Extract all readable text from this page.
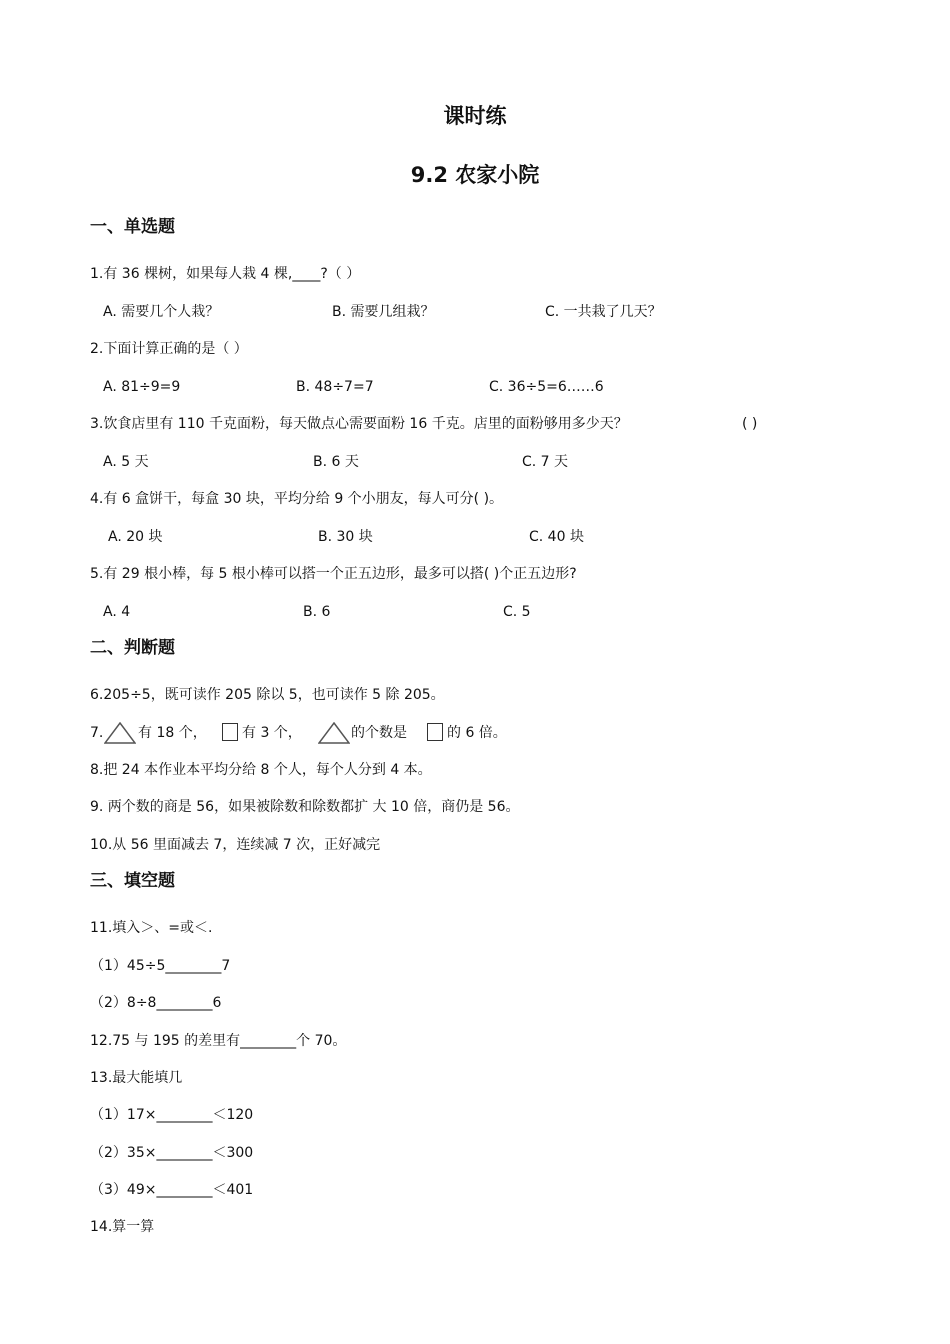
课时练
9.2 农家小院
一、单选题
1.有 36 棵树，如果每人栽 4 棵,____?（ ）
A. 需要几个人栽？	B. 需要几组栽？	C. 一共栽了几天？
2.下面计算正确的是（ ）
A. 81÷9=9	B. 48÷7=7	C. 36÷5=6……6
3.饮食店里有 110 千克面粉，每天做点心需要面粉 16 千克。店里的面粉够用多少天？	( )
A. 5 天	B. 6 天	C. 7 天
4.有 6 盒饼干，每盒 30 块，平均分给 9 个小朋友，每人可分( )。
A. 20 块	B. 30 块	C. 40 块
5.有 29 根小棒，每 5 根小棒可以搭一个正五边形，最多可以搭( )个正五边形?
A. 4	B. 6	C. 5
二、判断题
6.205÷5，既可读作 205 除以 5，也可读作 5 除 205。
7. 有 18 个，	有 3 个，	的个数是	的 6 倍。
8.把 24 本作业本平均分给 8 个人，每个人分到 4 本。
9. 两个数的商是 56，如果被除数和除数都扩 大 10 倍，商仍是 56。
10.从 56 里面减去 7，连续减 7 次，正好减完
三、填空题
11.填入＞、=或＜.
（1）45÷5________7
（2）8÷8________6
12.75 与 195 的差里有________个 70。
13.最大能填几
（1）17×________＜120
（2）35×________＜300
（3）49×________＜401
14.算一算
